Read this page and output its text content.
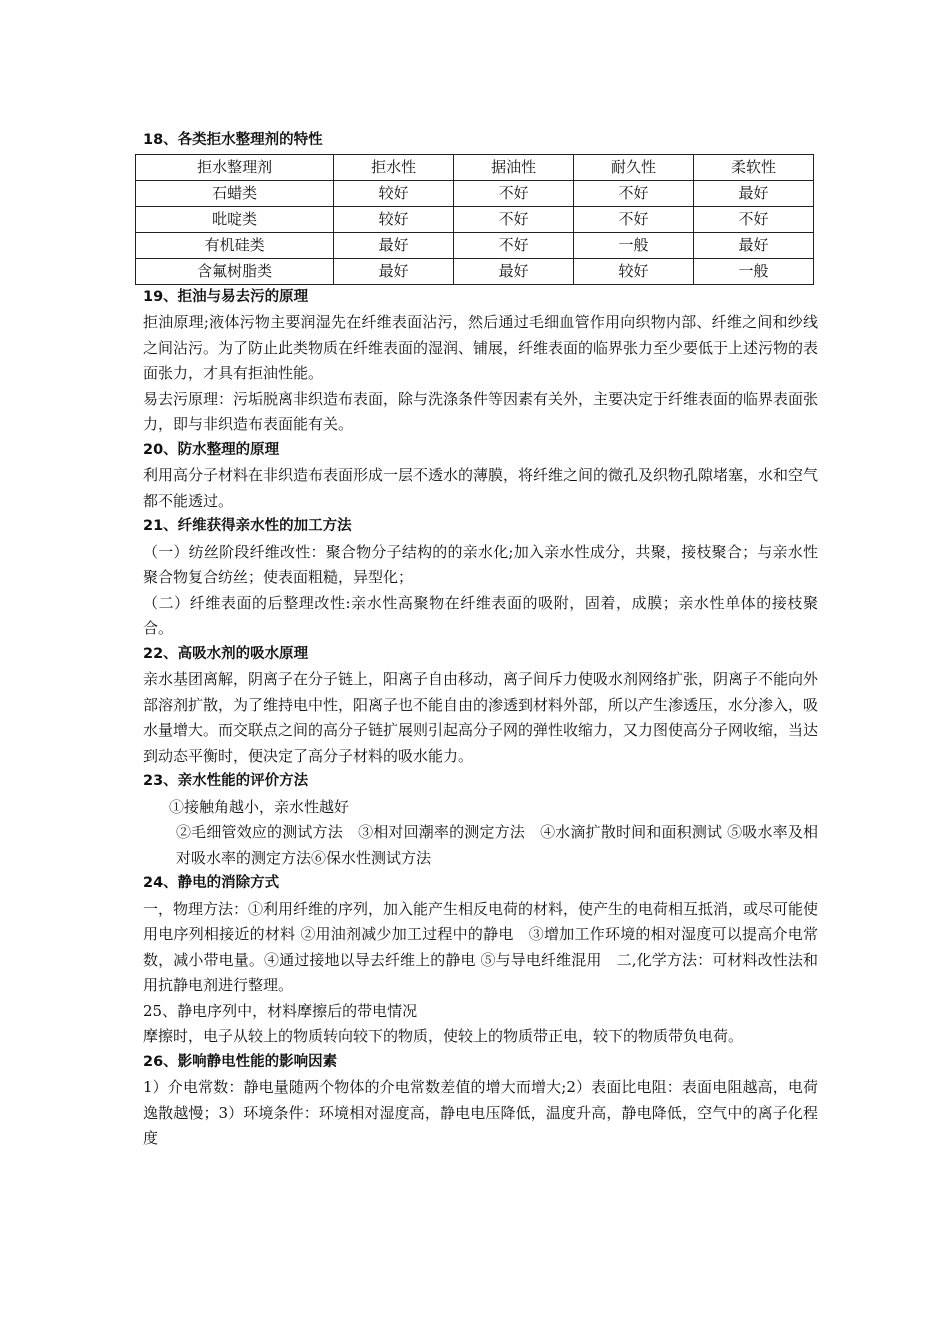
18、各类拒水整理剂的特性
拒水整理剂	拒水性	据油性	耐久性	柔软性
石蜡类	较好	不好	不好	最好
吡啶类	较好	不好	不好	不好
有机硅类	最好	不好	一般	最好
含氟树脂类	最好	最好	较好	一般
19、拒油与易去污的原理

拒油原理;液体污物主要润湿先在纤维表面沾污，然后通过毛细血管作用向织物内部、纤维之间和纱线之间沾污。为了防止此类物质在纤维表面的湿润、铺展，纤维表面的临界张力至少要低于上述污物的表面张力，才具有拒油性能。

易去污原理：污垢脱离非织造布表面，除与洗涤条件等因素有关外，主要决定于纤维表面的临界表面张力，即与非织造布表面能有关。

20、防水整理的原理

利用高分子材料在非织造布表面形成一层不透水的薄膜，将纤维之间的微孔及织物孔隙堵塞，水和空气都不能透过。

21、纤维获得亲水性的加工方法

（一）纺丝阶段纤维改性：聚合物分子结构的的亲水化;加入亲水性成分，共聚，接枝聚合；与亲水性聚合物复合纺丝；使表面粗糙，异型化；

（二）纤维表面的后整理改性:亲水性高聚物在纤维表面的吸附，固着，成膜；亲水性单体的接枝聚合。

22、高吸水剂的吸水原理

亲水基团离解，阴离子在分子链上，阳离子自由移动，离子间斥力使吸水剂网络扩张，阴离子不能向外部溶剂扩散，为了维持电中性，阳离子也不能自由的渗透到材料外部，所以产生渗透压，水分渗入，吸水量增大。而交联点之间的高分子链扩展则引起高分子网的弹性收缩力，又力图使高分子网收缩，当达到动态平衡时，便决定了高分子材料的吸水能力。

23、亲水性能的评价方法

①接触角越小，亲水性越好

②毛细管效应的测试方法　③相对回潮率的测定方法　④水滴扩散时间和面积测试 ⑤吸水率及相对吸水率的测定方法⑥保水性测试方法

24、静电的消除方式

一，物理方法：①利用纤维的序列，加入能产生相反电荷的材料，使产生的电荷相互抵消，或尽可能使用电序列相接近的材料 ②用油剂减少加工过程中的静电　③增加工作环境的相对湿度可以提高介电常数，减小带电量。④通过接地以导去纤维上的静电 ⑤与导电纤维混用　二,化学方法：可材料改性法和用抗静电剂进行整理。

25、静电序列中，材料摩擦后的带电情况

摩擦时，电子从较上的物质转向较下的物质，使较上的物质带正电，较下的物质带负电荷。

26、影响静电性能的影响因素

1）介电常数：静电量随两个物体的介电常数差值的增大而增大;2）表面比电阻：表面电阻越高，电荷逸散越慢；3）环境条件：环境相对湿度高，静电电压降低，温度升高，静电降低，空气中的离子化程度
